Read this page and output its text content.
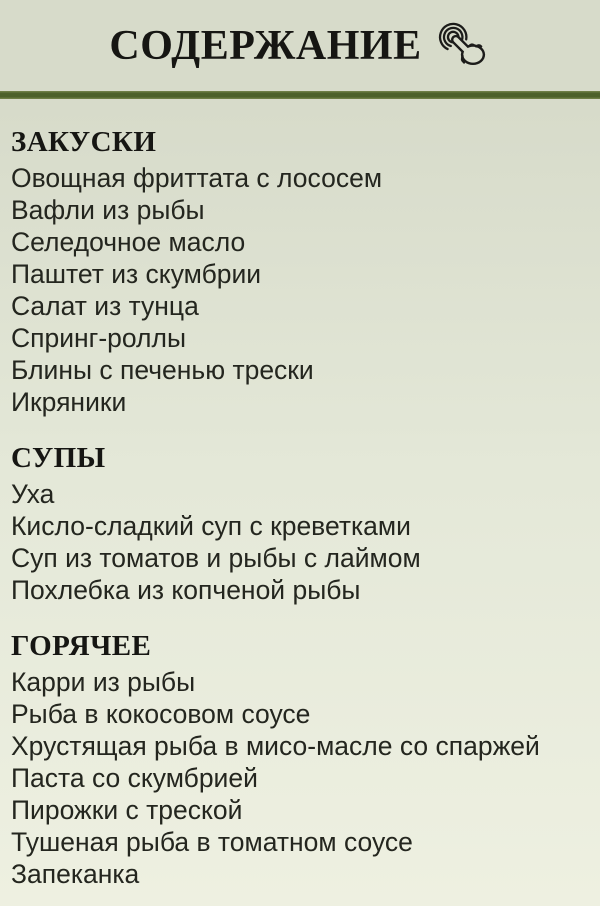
СОДЕРЖАНИЕ
ЗАКУСКИ
Овощная фриттата с лососем
Вафли из рыбы
Селедочное масло
Паштет из скумбрии
Салат из тунца
Спринг-роллы
Блины с печенью трески
Икряники
СУПЫ
Уха
Кисло-сладкий суп с креветками
Суп из томатов и рыбы с лаймом
Похлебка из копченой рыбы
ГОРЯЧЕЕ
Карри из рыбы
Рыба в кокосовом соусе
Хрустящая рыба в мисо-масле со спаржей
Паста со скумбрией
Пирожки с треской
Тушеная рыба в томатном соусе
Запеканка
